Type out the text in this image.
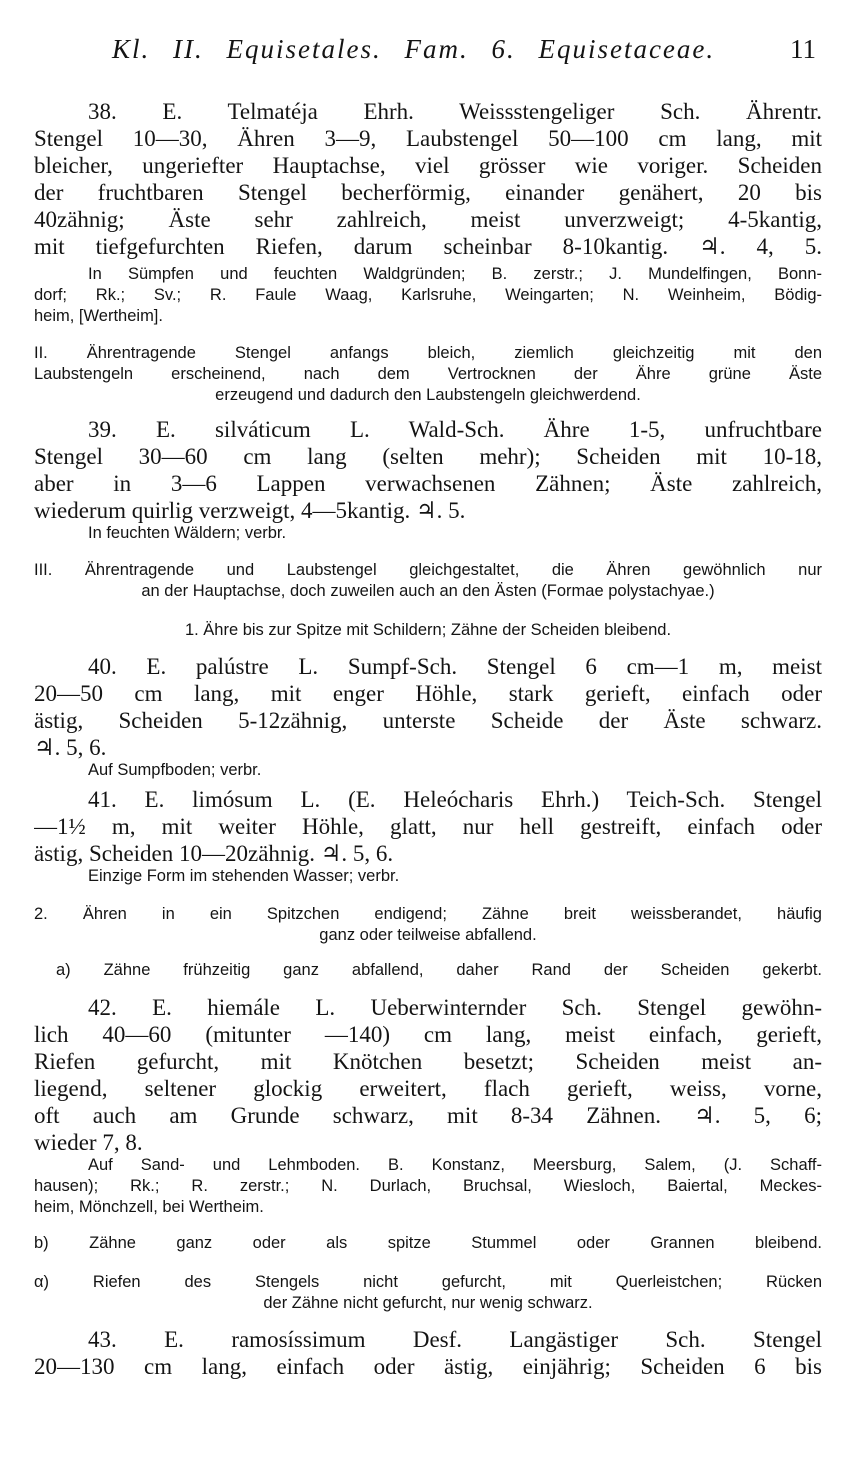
Kl. II. Equisetales. Fam. 6. Equisetaceae.	11
38. E. Telmatéja Ehrh. Weissstengeliger Sch. Ährentr.
Stengel 10—30, Ähren 3—9, Laubstengel 50—100 cm lang, mit
bleicher, ungeriefter Hauptachse, viel grösser wie voriger. Scheiden
der fruchtbaren Stengel becherförmig, einander genähert, 20 bis
40zähnig; Äste sehr zahlreich, meist unverzweigt; 4-5kantig,
mit tiefgefurchten Riefen, darum scheinbar 8-10kantig. ♃. 4, 5.
In Sümpfen und feuchten Waldgründen; B. zerstr.; J. Mundelfingen, Bonn-
dorf; Rk.; Sv.; R. Faule Waag, Karlsruhe, Weingarten; N. Weinheim, Bödig-
heim, [Wertheim].
II. Ährentragende Stengel anfangs bleich, ziemlich gleichzeitig mit den
Laubstengeln erscheinend, nach dem Vertrocknen der Ähre grüne Äste
erzeugend und dadurch den Laubstengeln gleichwerdend.
39. E. silváticum L. Wald-Sch. Ähre 1-5, unfruchtbare
Stengel 30—60 cm lang (selten mehr); Scheiden mit 10-18,
aber in 3—6 Lappen verwachsenen Zähnen; Äste zahlreich,
wiederum quirlig verzweigt, 4—5kantig. ♃. 5.
In feuchten Wäldern; verbr.
III. Ährentragende und Laubstengel gleichgestaltet, die Ähren gewöhnlich nur
an der Hauptachse, doch zuweilen auch an den Ästen (Formae polystachyae.)
1. Ähre bis zur Spitze mit Schildern; Zähne der Scheiden bleibend.
40. E. palústre L. Sumpf-Sch. Stengel 6 cm—1 m, meist
20—50 cm lang, mit enger Höhle, stark gerieft, einfach oder
ästig, Scheiden 5-12zähnig, unterste Scheide der Äste schwarz.
♃. 5, 6.
Auf Sumpfboden; verbr.
41. E. limósum L. (E. Heleócharis Ehrh.) Teich-Sch. Stengel
—1½ m, mit weiter Höhle, glatt, nur hell gestreift, einfach oder
ästig, Scheiden 10—20zähnig. ♃. 5, 6.
Einzige Form im stehenden Wasser; verbr.
2. Ähren in ein Spitzchen endigend; Zähne breit weissberandet, häufig
ganz oder teilweise abfallend.
a) Zähne frühzeitig ganz abfallend, daher Rand der Scheiden gekerbt.
42. E. hiemále L. Ueberwinternder Sch. Stengel gewöhn-
lich 40—60 (mitunter —140) cm lang, meist einfach, gerieft,
Riefen gefurcht, mit Knötchen besetzt; Scheiden meist an-
liegend, seltener glockig erweitert, flach gerieft, weiss, vorne,
oft auch am Grunde schwarz, mit 8-34 Zähnen. ♃. 5, 6;
wieder 7, 8.
Auf Sand- und Lehmboden. B. Konstanz, Meersburg, Salem, (J. Schaff-
hausen); Rk.; R. zerstr.; N. Durlach, Bruchsal, Wiesloch, Baiertal, Meckes-
heim, Mönchzell, bei Wertheim.
b) Zähne ganz oder als spitze Stummel oder Grannen bleibend.
α) Riefen des Stengels nicht gefurcht, mit Querleistchen; Rücken
der Zähne nicht gefurcht, nur wenig schwarz.
43. E. ramosíssimum Desf. Langästiger Sch. Stengel
20—130 cm lang, einfach oder ästig, einjährig; Scheiden 6 bis
